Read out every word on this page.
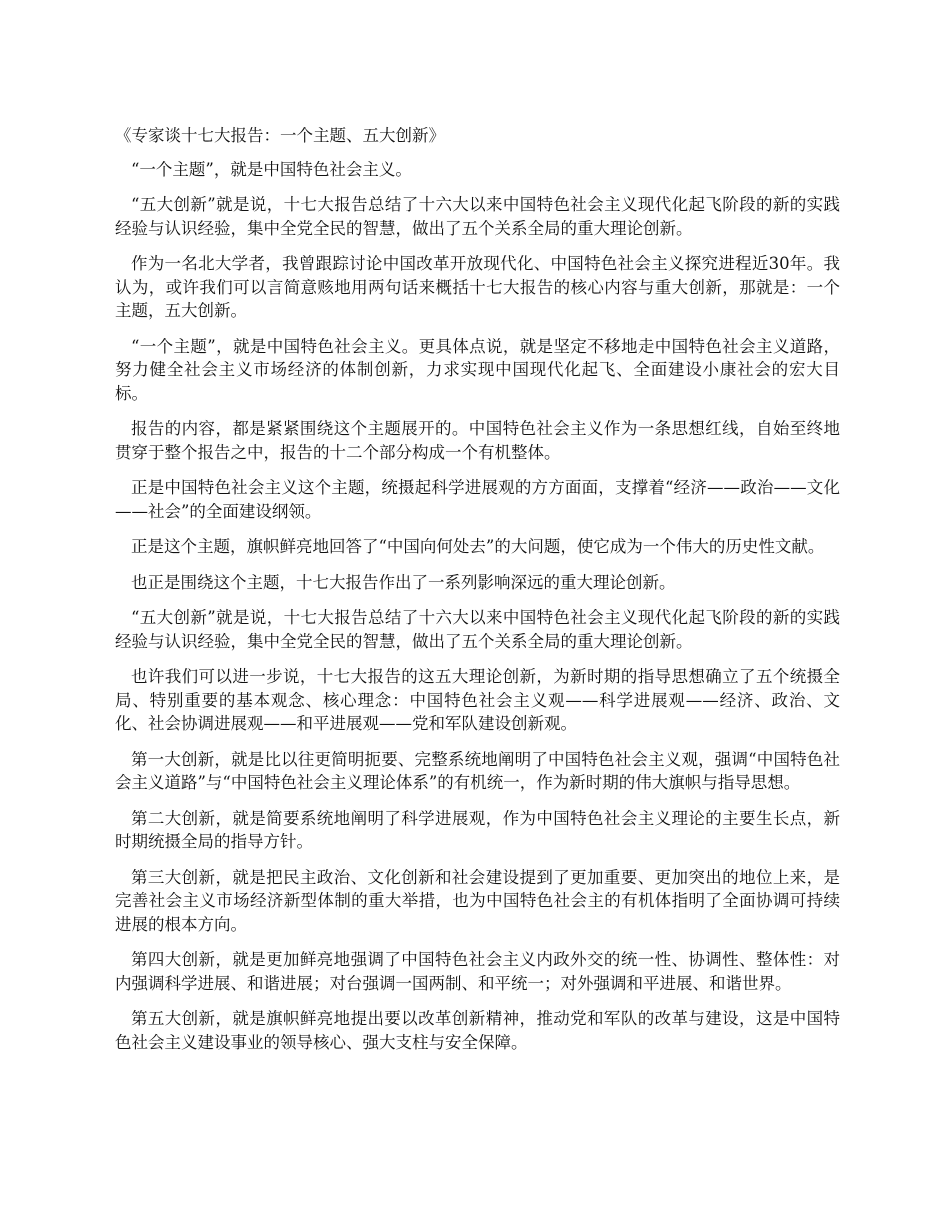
《专家谈十七大报告：一个主题、五大创新》

“一个主题”，就是中国特色社会主义。

“五大创新”就是说，十七大报告总结了十六大以来中国特色社会主义现代化起飞阶段的新的实践经验与认识经验，集中全党全民的智慧，做出了五个关系全局的重大理论创新。

作为一名北大学者，我曾跟踪讨论中国改革开放现代化、中国特色社会主义探究进程近30年。我认为，或许我们可以言简意赅地用两句话来概括十七大报告的核心内容与重大创新，那就是：一个主题，五大创新。

“一个主题”，就是中国特色社会主义。更具体点说，就是坚定不移地走中国特色社会主义道路，努力健全社会主义市场经济的体制创新，力求实现中国现代化起飞、全面建设小康社会的宏大目标。

报告的内容，都是紧紧围绕这个主题展开的。中国特色社会主义作为一条思想红线，自始至终地贯穿于整个报告之中，报告的十二个部分构成一个有机整体。

正是中国特色社会主义这个主题，统摄起科学进展观的方方面面，支撑着“经济——政治——文化——社会”的全面建设纲领。

正是这个主题，旗帜鲜亮地回答了“中国向何处去”的大问题，使它成为一个伟大的历史性文献。

也正是围绕这个主题，十七大报告作出了一系列影响深远的重大理论创新。

“五大创新”就是说，十七大报告总结了十六大以来中国特色社会主义现代化起飞阶段的新的实践经验与认识经验，集中全党全民的智慧，做出了五个关系全局的重大理论创新。

也许我们可以进一步说，十七大报告的这五大理论创新，为新时期的指导思想确立了五个统摄全局、特别重要的基本观念、核心理念：中国特色社会主义观——科学进展观——经济、政治、文化、社会协调进展观——和平进展观——党和军队建设创新观。

第一大创新，就是比以往更简明扼要、完整系统地阐明了中国特色社会主义观，强调“中国特色社会主义道路”与“中国特色社会主义理论体系”的有机统一，作为新时期的伟大旗帜与指导思想。

第二大创新，就是简要系统地阐明了科学进展观，作为中国特色社会主义理论的主要生长点，新时期统摄全局的指导方针。

第三大创新，就是把民主政治、文化创新和社会建设提到了更加重要、更加突出的地位上来，是完善社会主义市场经济新型体制的重大举措，也为中国特色社会主的有机体指明了全面协调可持续进展的根本方向。

第四大创新，就是更加鲜亮地强调了中国特色社会主义内政外交的统一性、协调性、整体性：对内强调科学进展、和谐进展；对台强调一国两制、和平统一；对外强调和平进展、和谐世界。

第五大创新，就是旗帜鲜亮地提出要以改革创新精神，推动党和军队的改革与建设，这是中国特色社会主义建设事业的领导核心、强大支柱与安全保障。
